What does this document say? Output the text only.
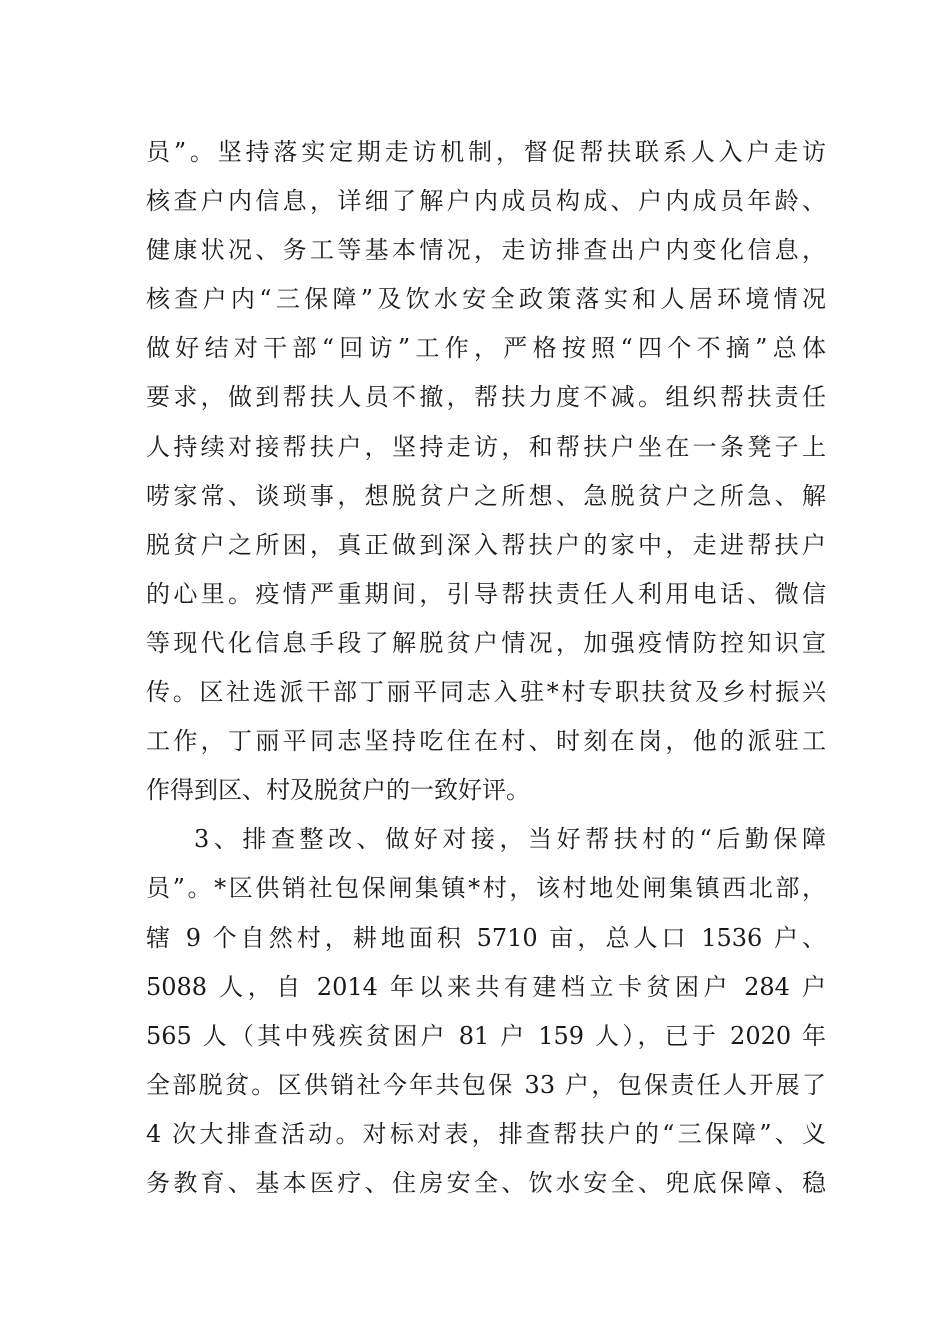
员”。坚持落实定期走访机制，督促帮扶联系人入户走访
核查户内信息，详细了解户内成员构成、户内成员年龄、
健康状况、务工等基本情况，走访排查出户内变化信息，
核查户内“三保障”及饮水安全政策落实和人居环境情况
做好结对干部“回访”工作，严格按照“四个不摘”总体
要求，做到帮扶人员不撤，帮扶力度不减。组织帮扶责任
人持续对接帮扶户，坚持走访，和帮扶户坐在一条凳子上
唠家常、谈琐事，想脱贫户之所想、急脱贫户之所急、解
脱贫户之所困，真正做到深入帮扶户的家中，走进帮扶户
的心里。疫情严重期间，引导帮扶责任人利用电话、微信
等现代化信息手段了解脱贫户情况，加强疫情防控知识宣
传。区社选派干部丁丽平同志入驻*村专职扶贫及乡村振兴
工作，丁丽平同志坚持吃住在村、时刻在岗，他的派驻工
作得到区、村及脱贫户的一致好评。
3、排查整改、做好对接，当好帮扶村的“后勤保障
员”。*区供销社包保闸集镇*村，该村地处闸集镇西北部，
辖 9 个自然村，耕地面积 5710 亩，总人口 1536 户、
5088 人，自 2014 年以来共有建档立卡贫困户 284 户
565 人（其中残疾贫困户 81 户 159 人），已于 2020 年
全部脱贫。区供销社今年共包保 33 户，包保责任人开展了
4 次大排查活动。对标对表，排查帮扶户的“三保障”、义
务教育、基本医疗、住房安全、饮水安全、兜底保障、稳
